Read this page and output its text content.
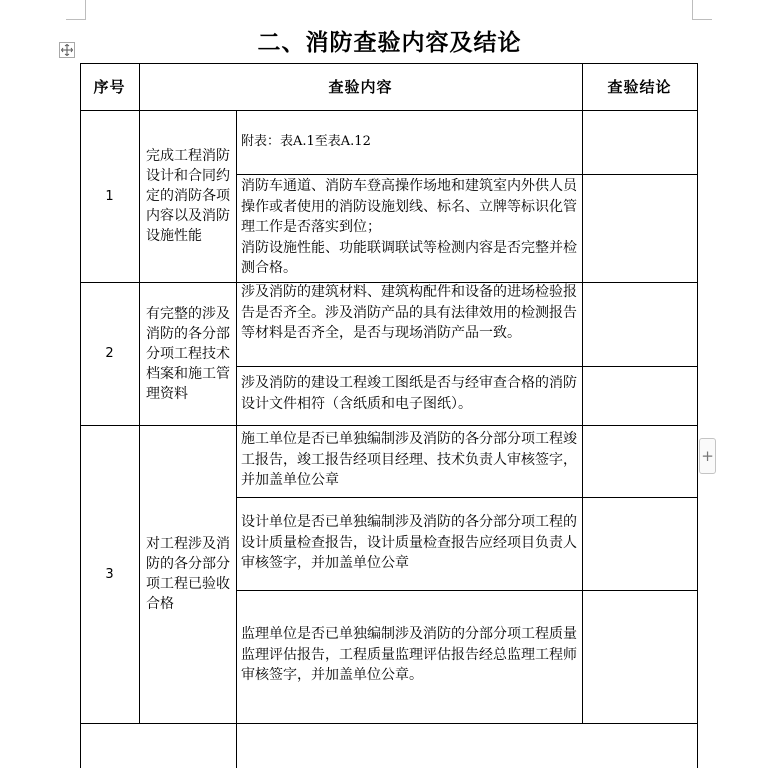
二、消防查验内容及结论
+
序号	查验内容	查验结论
1
完成工程消防设计和合同约定的消防各项内容以及消防设施性能
附表：表A.1至表A.12
消防车通道、消防车登高操作场地和建筑室内外供人员操作或者使用的消防设施划线、标名、立牌等标识化管理工作是否落实到位；
消防设施性能、功能联调联试等检测内容是否完整并检测合格。
2
有完整的涉及消防的各分部分项工程技术档案和施工管理资料
涉及消防的建筑材料、建筑构配件和设备的进场检验报告是否齐全。涉及消防产品的具有法律效用的检测报告等材料是否齐全，是否与现场消防产品一致。
涉及消防的建设工程竣工图纸是否与经审查合格的消防设计文件相符（含纸质和电子图纸）。
3
对工程涉及消防的各分部分项工程已验收合格
施工单位是否已单独编制涉及消防的各分部分项工程竣工报告，竣工报告经项目经理、技术负责人审核签字，并加盖单位公章
设计单位是否已单独编制涉及消防的各分部分项工程的设计质量检查报告，设计质量检查报告应经项目负责人审核签字，并加盖单位公章
监理单位是否已单独编制涉及消防的分部分项工程质量监理评估报告，工程质量监理评估报告经总监理工程师审核签字，并加盖单位公章。
